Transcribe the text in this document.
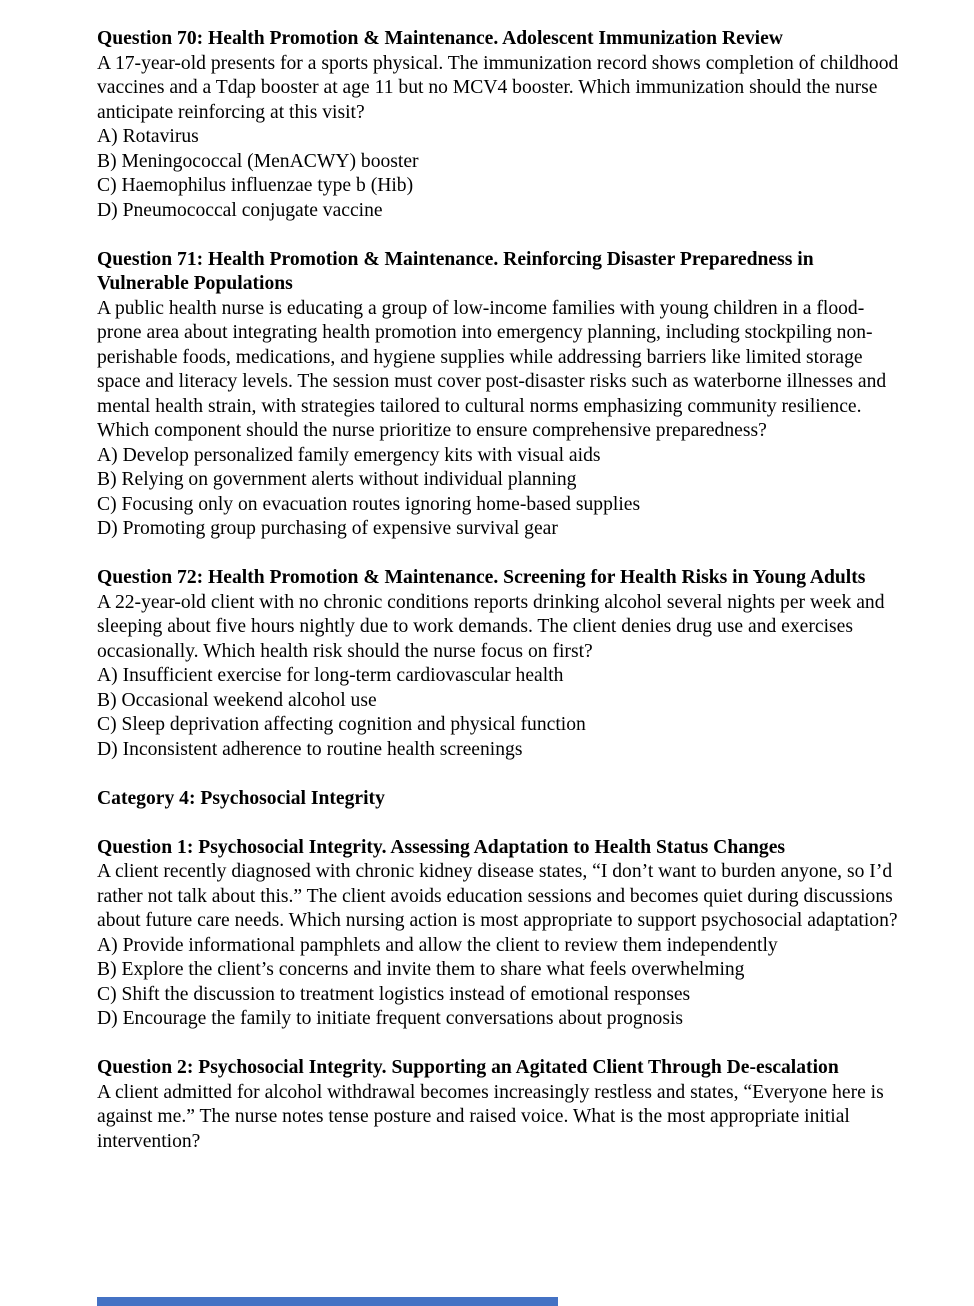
Question 70: Health Promotion & Maintenance. Adolescent Immunization Review

A 17-year-old presents for a sports physical. The immunization record shows completion of childhood vaccines and a Tdap booster at age 11 but no MCV4 booster. Which immunization should the nurse anticipate reinforcing at this visit?

A) Rotavirus

B) Meningococcal (MenACWY) booster

C) Haemophilus influenzae type b (Hib)

D) Pneumococcal conjugate vaccine

Question 71: Health Promotion & Maintenance. Reinforcing Disaster Preparedness in Vulnerable Populations

A public health nurse is educating a group of low-income families with young children in a flood-prone area about integrating health promotion into emergency planning, including stockpiling non-perishable foods, medications, and hygiene supplies while addressing barriers like limited storage space and literacy levels. The session must cover post-disaster risks such as waterborne illnesses and mental health strain, with strategies tailored to cultural norms emphasizing community resilience. Which component should the nurse prioritize to ensure comprehensive preparedness?

A) Develop personalized family emergency kits with visual aids

B) Relying on government alerts without individual planning

C) Focusing only on evacuation routes ignoring home-based supplies

D) Promoting group purchasing of expensive survival gear

Question 72: Health Promotion & Maintenance. Screening for Health Risks in Young Adults

A 22-year-old client with no chronic conditions reports drinking alcohol several nights per week and sleeping about five hours nightly due to work demands. The client denies drug use and exercises occasionally. Which health risk should the nurse focus on first?

A) Insufficient exercise for long-term cardiovascular health

B) Occasional weekend alcohol use

C) Sleep deprivation affecting cognition and physical function

D) Inconsistent adherence to routine health screenings

Category 4: Psychosocial Integrity

Question 1: Psychosocial Integrity. Assessing Adaptation to Health Status Changes

A client recently diagnosed with chronic kidney disease states, “I don’t want to burden anyone, so I’d rather not talk about this.” The client avoids education sessions and becomes quiet during discussions about future care needs. Which nursing action is most appropriate to support psychosocial adaptation?

A) Provide informational pamphlets and allow the client to review them independently

B) Explore the client’s concerns and invite them to share what feels overwhelming

C) Shift the discussion to treatment logistics instead of emotional responses

D) Encourage the family to initiate frequent conversations about prognosis

Question 2: Psychosocial Integrity. Supporting an Agitated Client Through De-escalation

A client admitted for alcohol withdrawal becomes increasingly restless and states, “Everyone here is against me.” The nurse notes tense posture and raised voice. What is the most appropriate initial intervention?
